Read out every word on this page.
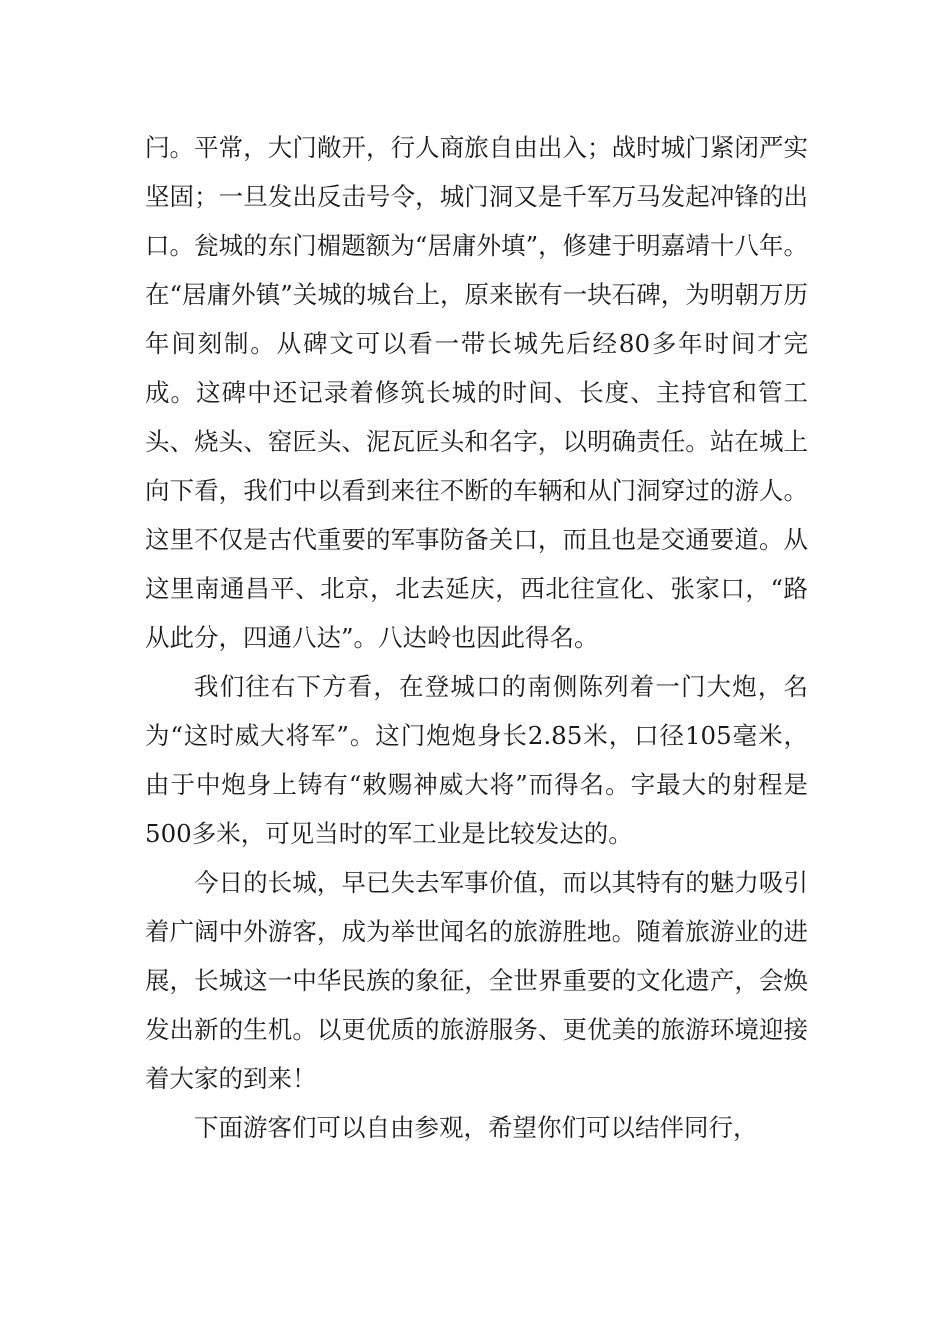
闩。平常，大门敞开，行人商旅自由出入；战时城门紧闭严实坚固；一旦发出反击号令，城门洞又是千军万马发起冲锋的出口。瓮城的东门楣题额为“居庸外填”，修建于明嘉靖十八年。在“居庸外镇”关城的城台上，原来嵌有一块石碑，为明朝万历年间刻制。从碑文可以看一带长城先后经80多年时间才完成。这碑中还记录着修筑长城的时间、长度、主持官和管工头、烧头、窑匠头、泥瓦匠头和名字，以明确责任。站在城上向下看，我们中以看到来往不断的车辆和从门洞穿过的游人。这里不仅是古代重要的军事防备关口，而且也是交通要道。从这里南通昌平、北京，北去延庆，西北往宣化、张家口，“路从此分，四通八达”。八达岭也因此得名。

我们往右下方看，在登城口的南侧陈列着一门大炮，名为“这时威大将军”。这门炮炮身长2.85米，口径105毫米，由于中炮身上铸有“敕赐神威大将”而得名。字最大的射程是500多米，可见当时的军工业是比较发达的。

今日的长城，早已失去军事价值，而以其特有的魅力吸引着广阔中外游客，成为举世闻名的旅游胜地。随着旅游业的进展，长城这一中华民族的象征，全世界重要的文化遗产，会焕发出新的生机。以更优质的旅游服务、更优美的旅游环境迎接着大家的到来！

下面游客们可以自由参观，希望你们可以结伴同行，
